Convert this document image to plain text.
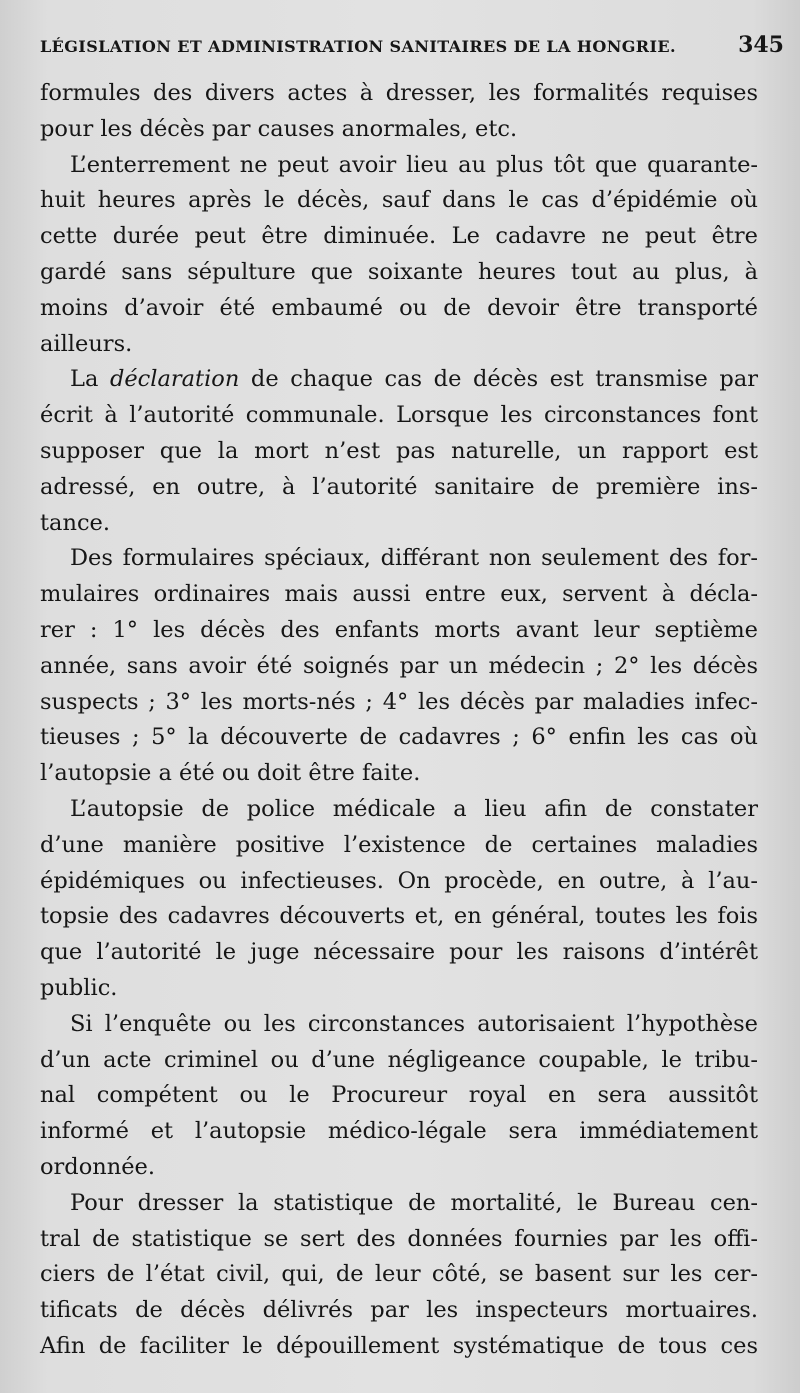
LÉGISLATION ET ADMINISTRATION SANITAIRES DE LA HONGRIE.	345
formules des divers actes à dresser, les formalités requises
pour les décès par causes anormales, etc.
L’enterrement ne peut avoir lieu au plus tôt que quarante-
huit heures après le décès, sauf dans le cas d’épidémie où
cette durée peut être diminuée. Le cadavre ne peut être
gardé sans sépulture que soixante heures tout au plus, à
moins d’avoir été embaumé ou de devoir être transporté
ailleurs.
La déclaration de chaque cas de décès est transmise par
écrit à l’autorité communale. Lorsque les circonstances font
supposer que la mort n’est pas naturelle, un rapport est
adressé, en outre, à l’autorité sanitaire de première ins-
tance.
Des formulaires spéciaux, différant non seulement des for-
mulaires ordinaires mais aussi entre eux, servent à décla-
rer : 1° les décès des enfants morts avant leur septième
année, sans avoir été soignés par un médecin ; 2° les décès
suspects ; 3° les morts-nés ; 4° les décès par maladies infec-
tieuses ; 5° la découverte de cadavres ; 6° enfin les cas où
l’autopsie a été ou doit être faite.
L’autopsie de police médicale a lieu afin de constater
d’une manière positive l’existence de certaines maladies
épidémiques ou infectieuses. On procède, en outre, à l’au-
topsie des cadavres découverts et, en général, toutes les fois
que l’autorité le juge nécessaire pour les raisons d’intérêt
public.
Si l’enquête ou les circonstances autorisaient l’hypothèse
d’un acte criminel ou d’une négligeance coupable, le tribu-
nal compétent ou le Procureur royal en sera aussitôt
informé et l’autopsie médico-légale sera immédiatement
ordonnée.
Pour dresser la statistique de mortalité, le Bureau cen-
tral de statistique se sert des données fournies par les offi-
ciers de l’état civil, qui, de leur côté, se basent sur les cer-
tificats de décès délivrés par les inspecteurs mortuaires.
Afin de faciliter le dépouillement systématique de tous ces
